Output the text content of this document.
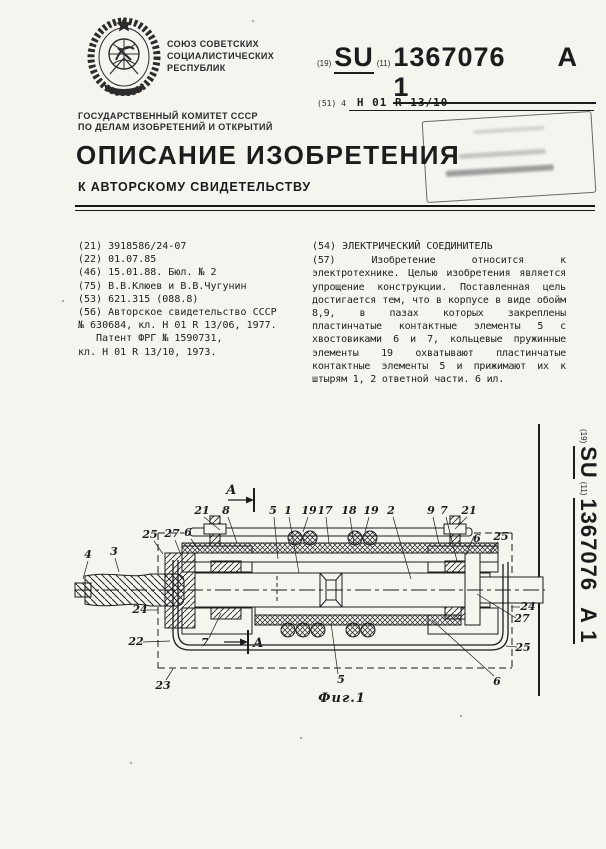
СОЮЗ СОВЕТСКИХ
СОЦИАЛИСТИЧЕСКИХ
РЕСПУБЛИК	(19) SU (11) 1367076 A 1
(51) 4	H 01 R 13/10
ГОСУДАРСТВЕННЫЙ КОМИТЕТ СССР
ПО ДЕЛАМ ИЗОБРЕТЕНИЙ И ОТКРЫТИЙ
ОПИСАНИЕ ИЗОБРЕТЕНИЯ
К АВТОРСКОМУ СВИДЕТЕЛЬСТВУ
(21) 3918586/24-07
(22) 01.07.85
(46) 15.01.88. Бюл. № 2
(75) В.В.Клюев и В.В.Чугунин
(53) 621.315 (088.8)
(56) Авторское свидетельство СССР
№ 630684, кл. H 01 R 13/06, 1977.
Патент ФРГ № 1590731,
кл. H 01 R 13/10, 1973.
(54) ЭЛЕКТРИЧЕСКИЙ СОЕДИНИТЕЛЬ
(57) Изобретение относится к электротехнике. Целью изобретения является упрощение конструкции. Поставленная цель достигается тем, что в корпусе в виде обойм 8,9, в пазах которых закреплены пластинчатые контактные элементы 5 с хвостовиками 6 и 7, кольцевые пружинные элементы 19 охватывают пластинчатые контактные элементы 5 и прижимают их к штырям 1, 2 ответной части. 6 ил.
(19)
SU
(11)
1367076A 1
А
А
Фиг.1
21 8	5 1 19 17 18 19 2	9 7 21
25 27 6
4 3
24
22
23
7
6 25
24
27
25
6
5
